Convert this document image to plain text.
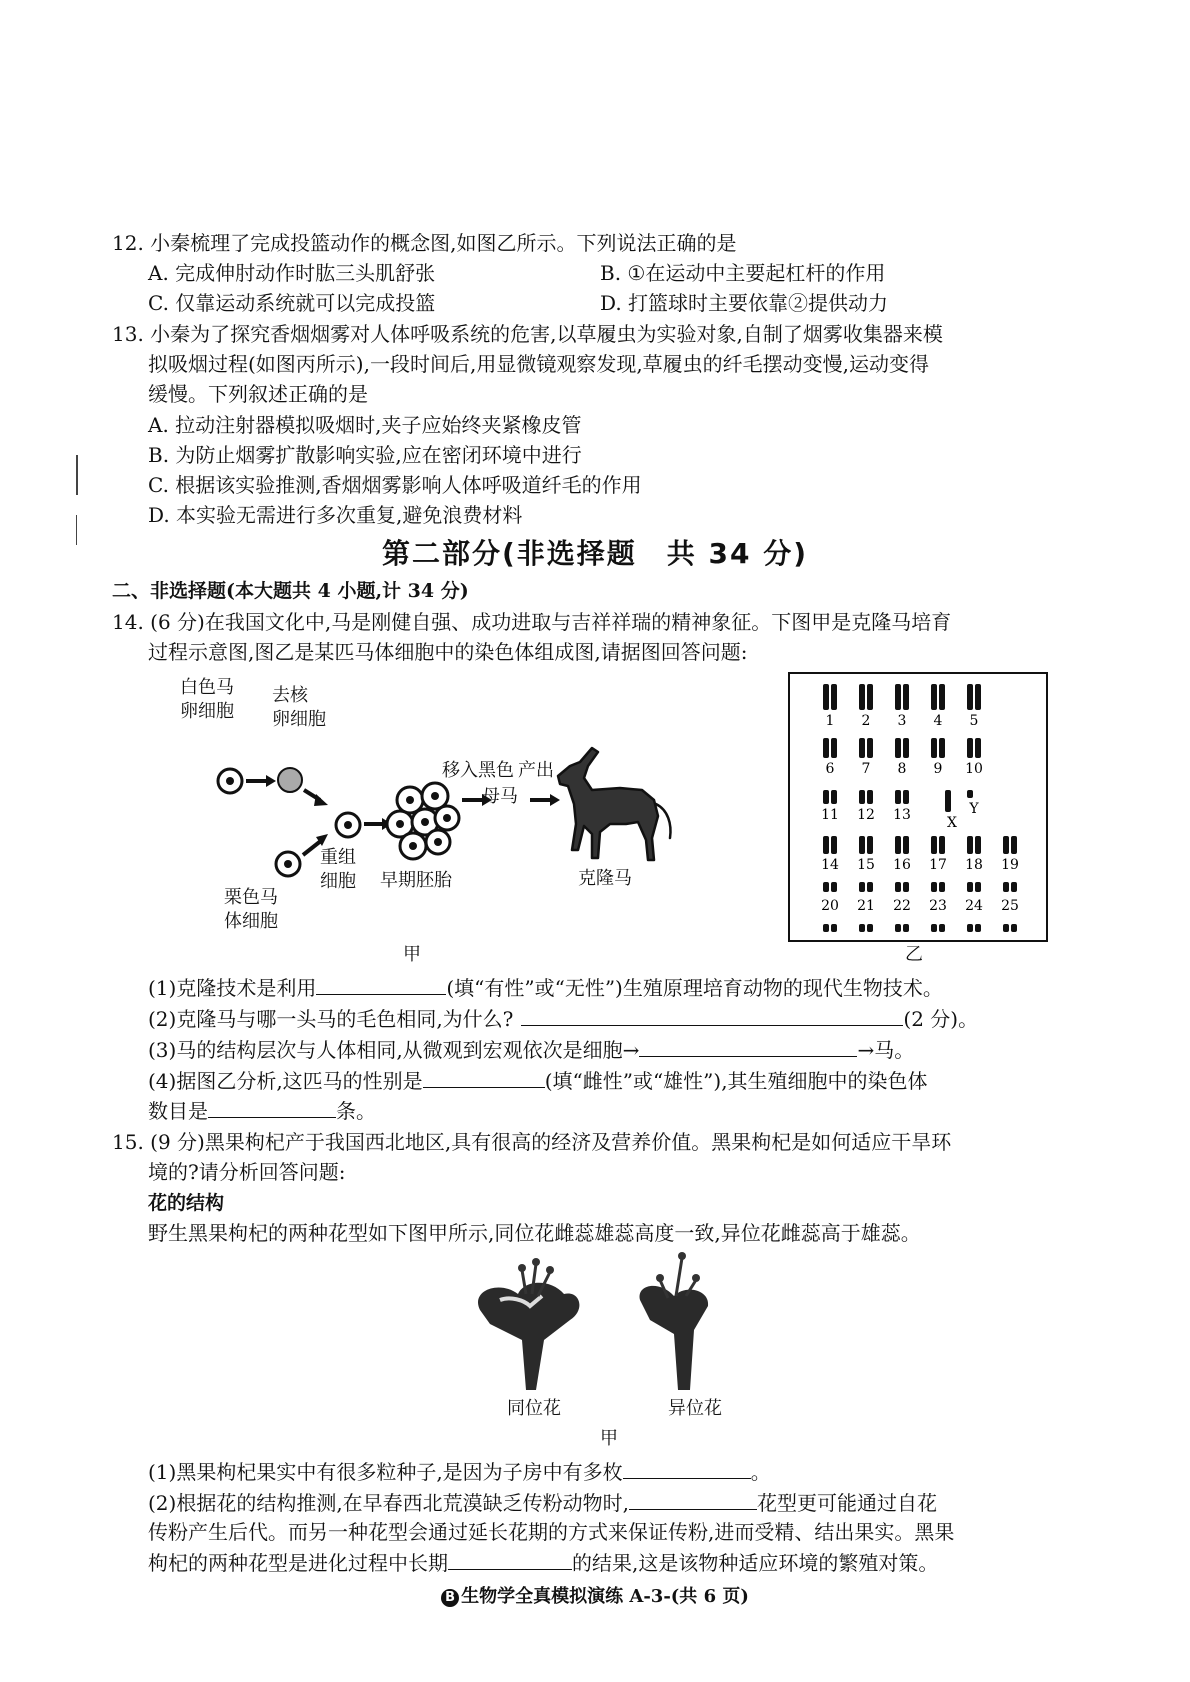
12. 小秦梳理了完成投篮动作的概念图,如图乙所示。下列说法正确的是
A. 完成伸肘动作时肱三头肌舒张	B. ①在运动中主要起杠杆的作用
C. 仅靠运动系统就可以完成投篮	D. 打篮球时主要依靠②提供动力
13. 小秦为了探究香烟烟雾对人体呼吸系统的危害,以草履虫为实验对象,自制了烟雾收集器来模
拟吸烟过程(如图丙所示),一段时间后,用显微镜观察发现,草履虫的纤毛摆动变慢,运动变得
缓慢。下列叙述正确的是
A. 拉动注射器模拟吸烟时,夹子应始终夹紧橡皮管
B. 为防止烟雾扩散影响实验,应在密闭环境中进行
C. 根据该实验推测,香烟烟雾影响人体呼吸道纤毛的作用
D. 本实验无需进行多次重复,避免浪费材料
第二部分(非选择题　共 34 分)
二、非选择题(本大题共 4 小题,计 34 分)
14. (6 分)在我国文化中,马是刚健自强、成功进取与吉祥祥瑞的精神象征。下图甲是克隆马培育
过程示意图,图乙是某匹马体细胞中的染色体组成图,请据图回答问题:
白色马
卵细胞
去核
卵细胞
栗色马
体细胞
重组
细胞 早期胚胎
移入黑色 产出
母马
克隆马
甲
1 2 3 4 5
6 7 8 9 10
11 12 13	X
Y
14 15 16 17 18 19
20 21 22 23 24 25
乙
(1)克隆技术是利用	(填“有性”或“无性”)生殖原理培育动物的现代生物技术。
(2)克隆马与哪一头马的毛色相同,为什么?	(2 分)。
(3)马的结构层次与人体相同,从微观到宏观依次是细胞→	→马。
(4)据图乙分析,这匹马的性别是	(填“雌性”或“雄性”),其生殖细胞中的染色体
数目是	条。
15. (9 分)黑果枸杞产于我国西北地区,具有很高的经济及营养价值。黑果枸杞是如何适应干旱环
境的?请分析回答问题:
花的结构
野生黑果枸杞的两种花型如下图甲所示,同位花雌蕊雄蕊高度一致,异位花雌蕊高于雄蕊。
同位花	异位花
甲
(1)黑果枸杞果实中有很多粒种子,是因为子房中有多枚	。
(2)根据花的结构推测,在早春西北荒漠缺乏传粉动物时,	花型更可能通过自花
传粉产生后代。而另一种花型会通过延长花期的方式来保证传粉,进而受精、结出果实。黑果
枸杞的两种花型是进化过程中长期	的结果,这是该物种适应环境的繁殖对策。
B 生物学全真模拟演练 A-3-(共 6 页)
